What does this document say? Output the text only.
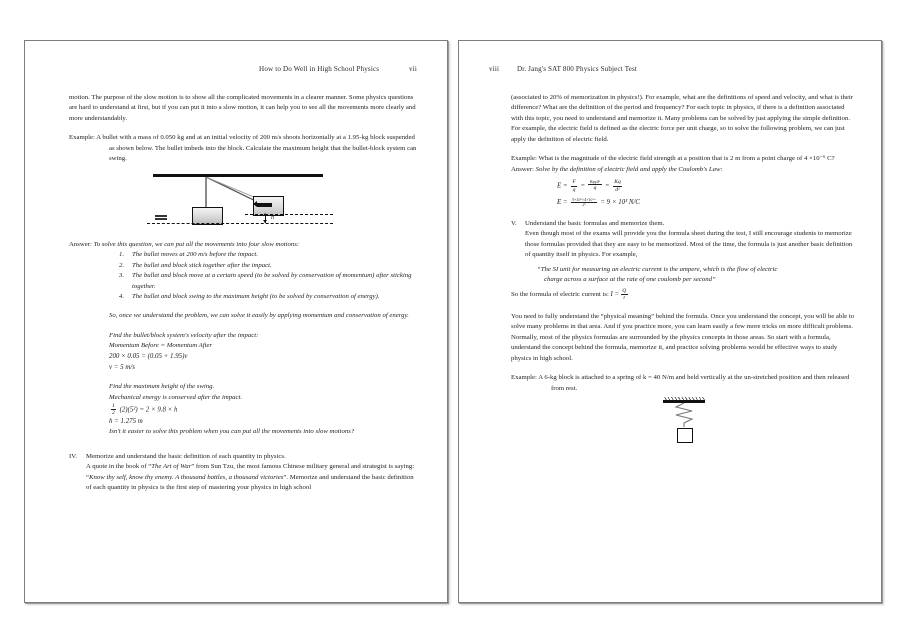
How to Do Well in High School Physics	vii

motion. The purpose of the slow motion is to show all the complicated movements in a clearer manner. Some physics questions are hard to understand at first, but if you can put it into a slow motion, it can help you to see all the movements more clearly and more understandably.

Example: A bullet with a mass of 0.050 kg and at an initial velocity of 200 m/s shoots horizontally at a 1.95-kg block suspended as shown below. The bullet imbeds into the block. Calculate the maximum height that the bullet-block system can swing.

h

Answer: To solve this question, we can put all the movements into four slow motions:

1.	The bullet moves at 200 m/s before the impact.
2.	The bullet and block stick together after the impact.
3.	The bullet and block move at a certain speed (to be solved by conservation of momentum) after sticking together.
4.	The bullet and block swing to the maximum height (to be solved by conservation of energy).

So, once we understand the problem, we can solve it easily by applying momentum and conservation of energy.

Find the bullet/block system's velocity after the impact:
Momentum Before = Momentum After
200 × 0.05 = (0.05 + 1.95)v
v = 5 m/s
Find the maximum height of the swing.
Mechanical energy is conserved after the impact.
$\frac{1}{2} (2)(5^2) = 2 \times 9.8 \times h$
h = 1.275 m
Isn't it easier to solve this problem when you can put all the movements into slow motions?
IV.	Memorize and understand the basic definition of each quantity in physics.
A quote in the book of “The Art of War” from Sun Tzu, the most famous Chinese military general and strategist is saying: “Know thy self, know thy enemy. A thousand battles, a thousand victories”. Memorize and understand the basic definition of each quantity in physics is the first step of mastering your physics in high school
viii	Dr. Jang's SAT 800 Physics Subject Test

(associated to 20% of memorization in physics!). For example, what are the definitions of speed and velocity, and what is their difference? What are the definition of the period and frequency? For each topic in physics, if there is a definition associated with this topic, you need to understand and memorize it. Many problems can be solved by just applying the simple definition. For example, the electric field is defined as the electric force per unit charge, so to solve the following problem, we can just apply the definition of electric field.

Example: What is the magnitude of the electric field strength at a position that is 2 m from a point charge of 4 ×10⁻⁶ C?

Answer: Solve by the definition of electric field and apply the Coulomb's Law:

$E = \frac{F}{q} = \frac{\text{Kqq/d²}}{q} = \frac{Kq}{\text{d²}}$
$E = \frac{\text{9×10⁹×4×10⁻⁶}}{\text{2²}} = 9 \times 10^3$ N/C
V.	Understand the basic formulas and memorize them.
Even though most of the exams will provide you the formula sheet during the test, I still encourage students to memorize those formulas provided that they are easy to be memorized. Most of the time, the formula is just another basic definition of quantity itself in physics. For example,
“The SI unit for measuring an electric current is the ampere, which is the flow of electric
charge across a surface at the rate of one coulomb per second”

So the formula of electric current is: $I = \frac{Q}{t}$

You need to fully understand the “physical meaning” behind the formula. Once you understand the concept, you will be able to solve many problems in that area. And if you practice more, you can learn easily a few more tricks on more difficult problems. Normally, most of the physics formulas are surrounded by the physics concepts in those areas. So start with a formula, understand the concept behind the formula, memorize it, and practice solving problems would be effective ways to study physics in high school.

Example: A 6-kg block is attached to a spring of k = 40 N/m and held vertically at the un-stretched position and then released from rest.
